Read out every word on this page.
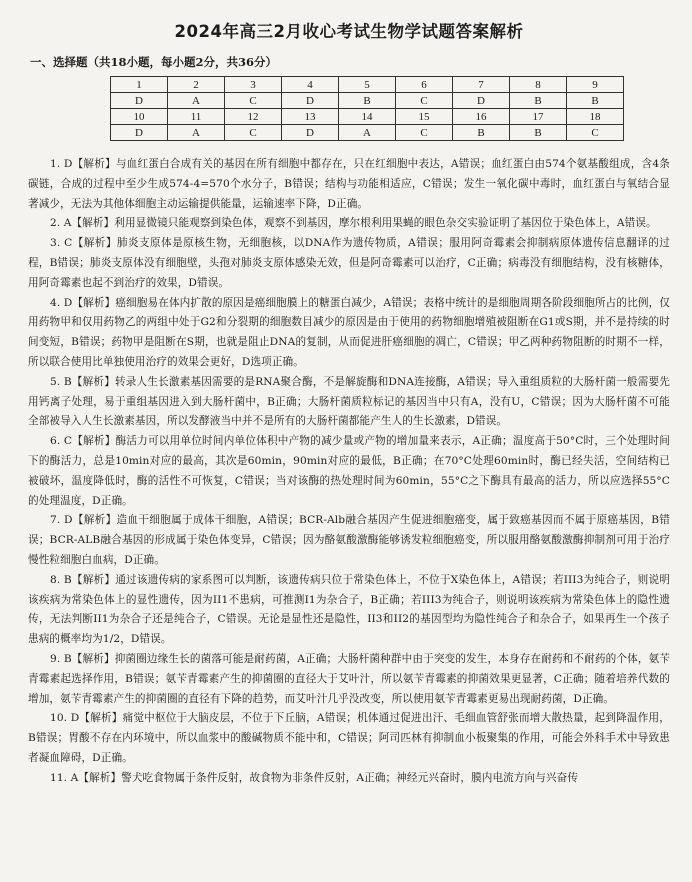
2024年高三2月收心考试生物学试题答案解析
一、选择题（共18小题，每小题2分，共36分）
1	2	3	4	5	6	7	8	9
D	A	C	D	B	C	D	B	B
10	11	12	13	14	15	16	17	18
D	A	C	D	A	C	B	B	C

1. D【解析】与血红蛋白合成有关的基因在所有细胞中都存在，只在红细胞中表达，A错误；血红蛋白由574个氨基酸组成，含4条碳链，合成的过程中至少生成574-4=570个水分子，B错误；结构与功能相适应，C错误；发生一氧化碳中毒时，血红蛋白与氧结合显著减少，无法为其他体细胞主动运输提供能量，运输速率下降，D正确。

2. A【解析】利用显微镜只能观察到染色体，观察不到基因，摩尔根利用果蝇的眼色杂交实验证明了基因位于染色体上，A错误。

3. C【解析】肺炎支原体是原核生物，无细胞核，以DNA作为遗传物质，A错误；服用阿奇霉素会抑制病原体遗传信息翻译的过程，B错误；肺炎支原体没有细胞壁，头孢对肺炎支原体感染无效，但是阿奇霉素可以治疗，C正确；病毒没有细胞结构，没有核糖体，用阿奇霉素也起不到治疗的效果，D错误。

4. D【解析】癌细胞易在体内扩散的原因是癌细胞膜上的糖蛋白减少，A错误；表格中统计的是细胞周期各阶段细胞所占的比例，仅用药物甲和仅用药物乙的两组中处于G2和分裂期的细胞数目减少的原因是由于使用的药物细胞增殖被阻断在G1或S期，并不是持续的时间变短，B错误；药物甲是阻断在S期，也就是阻止DNA的复制，从而促进肝癌细胞的凋亡，C错误；甲乙两种药物阻断的时期不一样，所以联合使用比单独使用治疗的效果会更好，D选项正确。

5. B【解析】转录人生长激素基因需要的是RNA聚合酶，不是解旋酶和DNA连接酶，A错误；导入重组质粒的大肠杆菌一般需要先用钙离子处理，易于重组基因进入到大肠杆菌中，B正确；大肠杆菌质粒标记的基因当中只有A，没有U，C错误；因为大肠杆菌不可能全部被导入人生长激素基因，所以发酵液当中并不是所有的大肠杆菌都能产生人的生长激素，D错误。

6. C【解析】酶活力可以用单位时间内单位体积中产物的减少量或产物的增加量来表示，A正确；温度高于50°C时，三个处理时间下的酶活力，总是10min对应的最高，其次是60min，90min对应的最低，B正确；在70°C处理60min时，酶已经失活，空间结构已被破坏，温度降低时，酶的活性不可恢复，C错误；当对该酶的热处理时间为60min，55°C之下酶具有最高的活力，所以应选择55°C的处理温度，D正确。

7. D【解析】造血干细胞属于成体干细胞，A错误；BCR-Alb融合基因产生促进细胞癌变，属于致癌基因而不属于原癌基因，B错误；BCR-ALB融合基因的形成属于染色体变异，C错误；因为酪氨酸激酶能够诱发粒细胞癌变，所以服用酪氨酸激酶抑制剂可用于治疗慢性粒细胞白血病，D正确。

8. B【解析】通过该遗传病的家系图可以判断，该遗传病只位于常染色体上，不位于X染色体上，A错误；若III3为纯合子，则说明该疾病为常染色体上的显性遗传，因为II1不患病，可推测I1为杂合子，B正确；若III3为纯合子，则说明该疾病为常染色体上的隐性遗传，无法判断II1为杂合子还是纯合子，C错误。无论是显性还是隐性，II3和II2的基因型均为隐性纯合子和杂合子，如果再生一个孩子患病的概率均为1/2，D错误。

9. B【解析】抑菌圈边缘生长的菌落可能是耐药菌，A正确；大肠杆菌种群中由于突变的发生，本身存在耐药和不耐药的个体，氨苄青霉素起选择作用，B错误；氨苄青霉素产生的抑菌圈的直径大于艾叶汁，所以氨苄青霉素的抑菌效果更显著，C正确；随着培养代数的增加，氨苄青霉素产生的抑菌圈的直径有下降的趋势，而艾叶汁几乎没改变，所以使用氨苄青霉素更易出现耐药菌，D正确。

10. D【解析】痛觉中枢位于大脑皮层，不位于下丘脑，A错误；机体通过促进出汗、毛细血管舒张而增大散热量，起到降温作用，B错误；胃酸不存在内环境中，所以血浆中的酸碱物质不能中和，C错误；阿司匹林有抑制血小板聚集的作用，可能会外科手术中导致患者凝血障碍，D正确。

11. A【解析】警犬吃食物属于条件反射，故食物为非条件反射，A正确；神经元兴奋时，膜内电流方向与兴奋传
